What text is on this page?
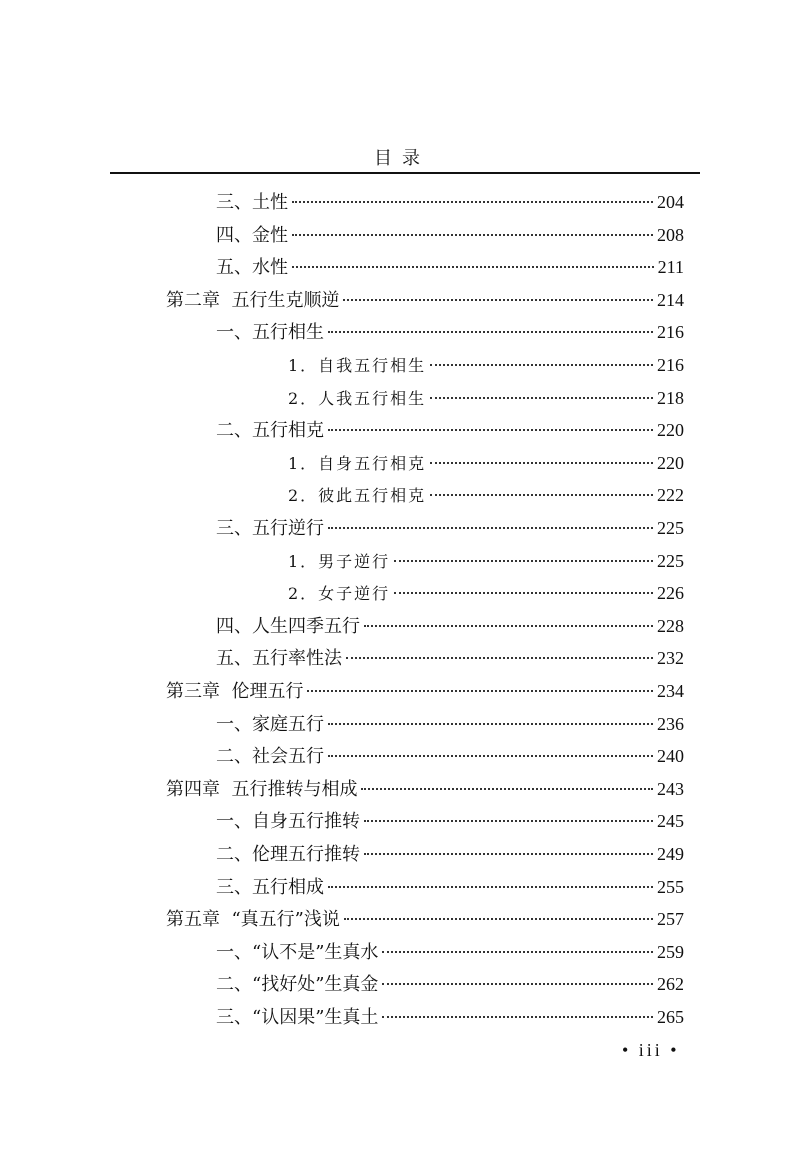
目录
三、土性	204
四、金性	208
五、水性	211
第二章  五行生克顺逆	214
一、五行相生	216
1．自我五行相生	216
2．人我五行相生	218
二、五行相克	220
1．自身五行相克	220
2．彼此五行相克	222
三、五行逆行	225
1．男子逆行	225
2．女子逆行	226
四、人生四季五行	228
五、五行率性法	232
第三章  伦理五行	234
一、家庭五行	236
二、社会五行	240
第四章  五行推转与相成	243
一、自身五行推转	245
二、伦理五行推转	249
三、五行相成	255
第五章  “真五行”浅说	257
一、“认不是”生真水	259
二、“找好处”生真金	262
三、“认因果”生真土	265
• iii •
